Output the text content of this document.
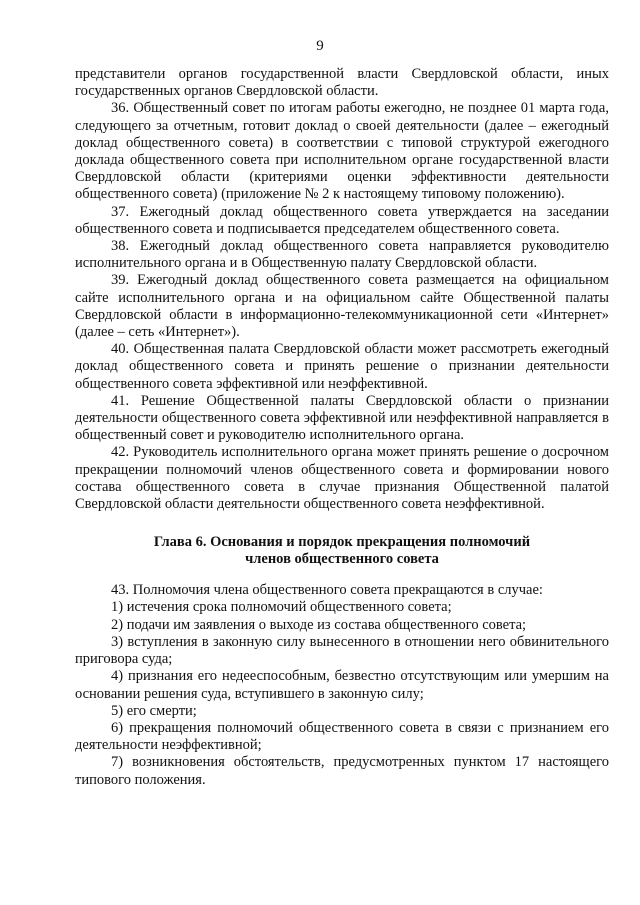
9

представители органов государственной власти Свердловской области, иных государственных органов Свердловской области.

36. Общественный совет по итогам работы ежегодно, не позднее 01 марта года, следующего за отчетным, готовит доклад о своей деятельности (далее – ежегодный доклад общественного совета) в соответствии с типовой структурой ежегодного доклада общественного совета при исполнительном органе государственной власти Свердловской области (критериями оценки эффективности деятельности общественного совета) (приложение № 2 к настоящему типовому положению).

37. Ежегодный доклад общественного совета утверждается на заседании общественного совета и подписывается председателем общественного совета.

38. Ежегодный доклад общественного совета направляется руководителю исполнительного органа и в Общественную палату Свердловской области.

39. Ежегодный доклад общественного совета размещается на официальном сайте исполнительного органа и на официальном сайте Общественной палаты Свердловской области в информационно-телекоммуникационной сети «Интернет» (далее – сеть «Интернет»).

40. Общественная палата Свердловской области может рассмотреть ежегодный доклад общественного совета и принять решение о признании деятельности общественного совета эффективной или неэффективной.

41. Решение Общественной палаты Свердловской области о признании деятельности общественного совета эффективной или неэффективной направляется в общественный совет и руководителю исполнительного органа.

42. Руководитель исполнительного органа может принять решение о досрочном прекращении полномочий членов общественного совета и формировании нового состава общественного совета в случае признания Общественной палатой Свердловской области деятельности общественного совета неэффективной.

Глава 6. Основания и порядок прекращения полномочий
членов общественного совета

43. Полномочия члена общественного совета прекращаются в случае:

1) истечения срока полномочий общественного совета;

2) подачи им заявления о выходе из состава общественного совета;

3) вступления в законную силу вынесенного в отношении него обвинительного приговора суда;

4) признания его недееспособным, безвестно отсутствующим или умершим на основании решения суда, вступившего в законную силу;

5) его смерти;

6) прекращения полномочий общественного совета в связи с признанием его деятельности неэффективной;

7) возникновения обстоятельств, предусмотренных пунктом 17 настоящего типового положения.
